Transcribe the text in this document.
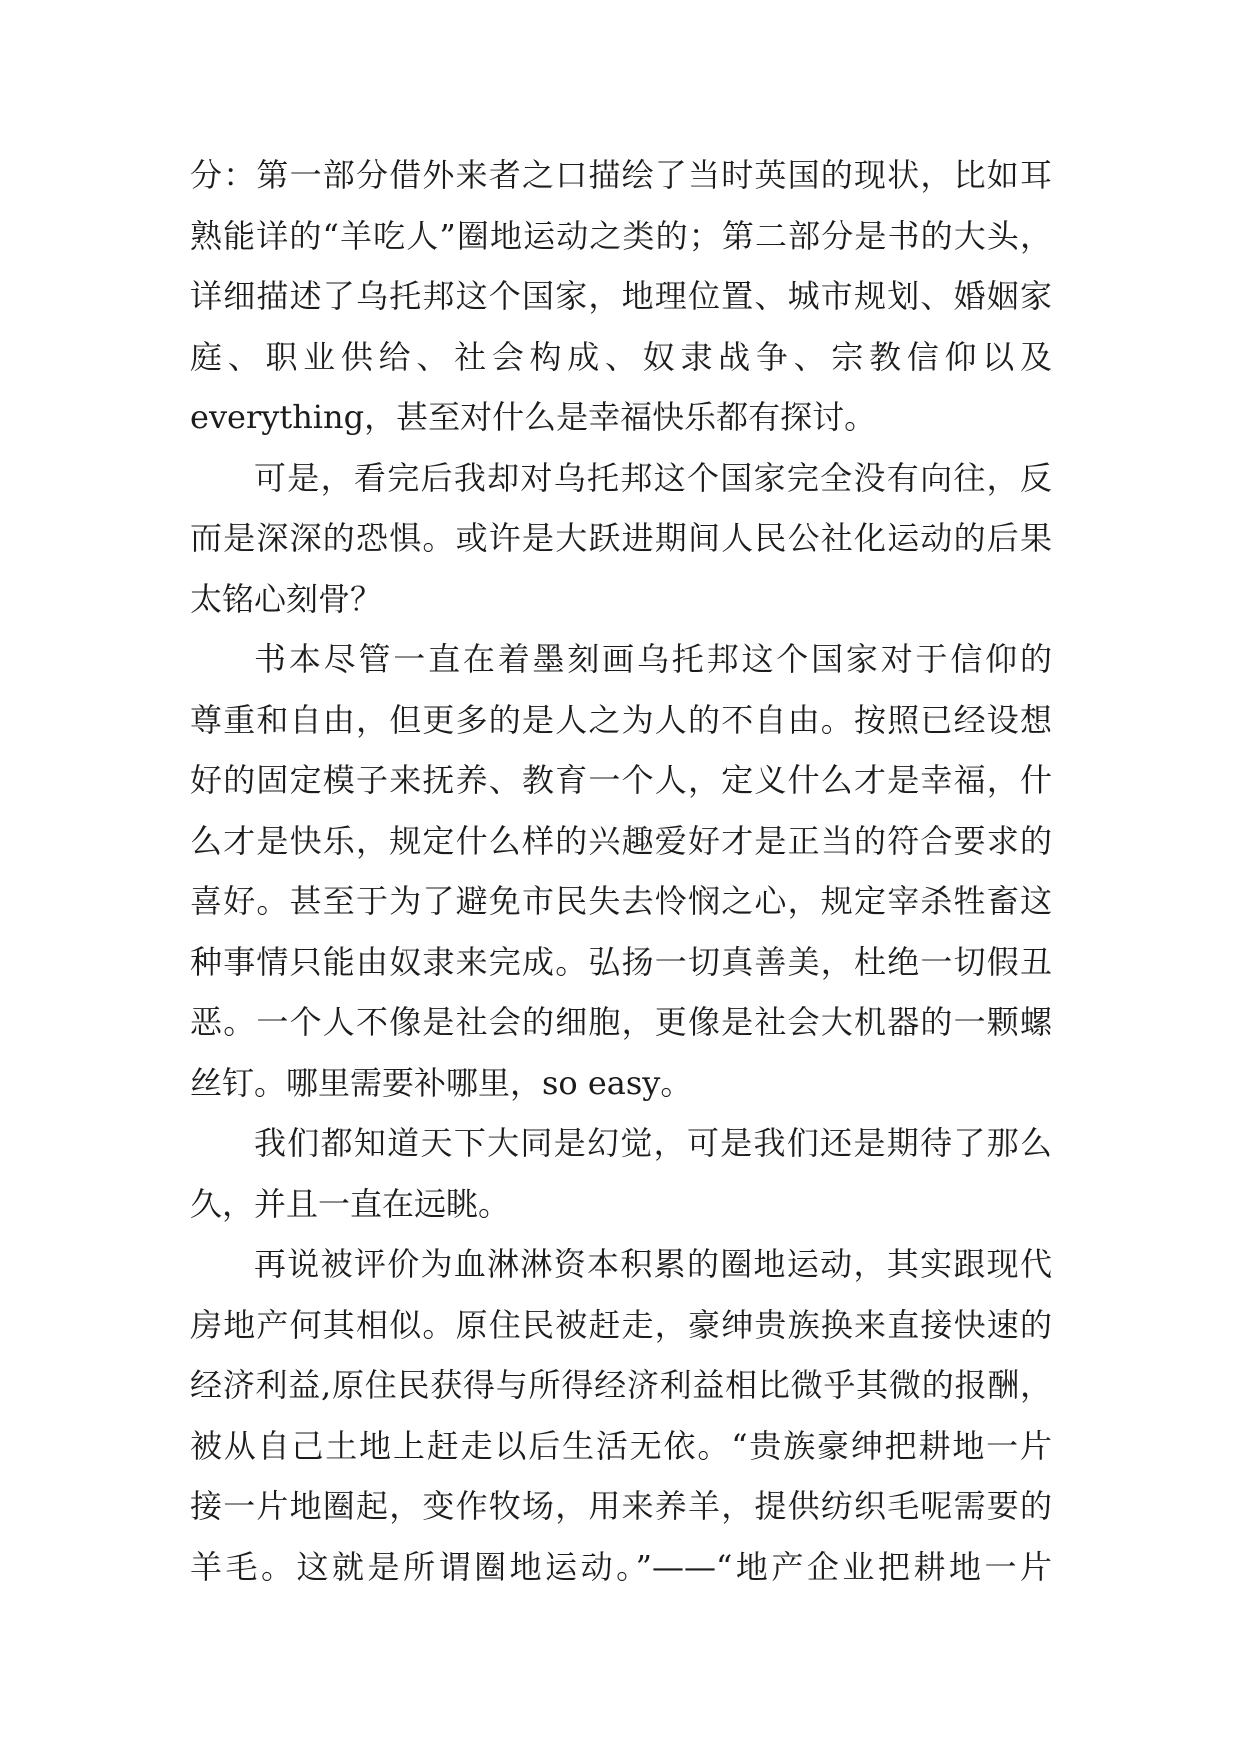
分：第一部分借外来者之口描绘了当时英国的现状，比如耳
熟能详的“羊吃人”圈地运动之类的；第二部分是书的大头，
详细描述了乌托邦这个国家，地理位置、城市规划、婚姻家
庭、职业供给、社会构成、奴隶战争、宗教信仰以及
everything，甚至对什么是幸福快乐都有探讨。
可是，看完后我却对乌托邦这个国家完全没有向往，反
而是深深的恐惧。或许是大跃进期间人民公社化运动的后果
太铭心刻骨？
书本尽管一直在着墨刻画乌托邦这个国家对于信仰的
尊重和自由，但更多的是人之为人的不自由。按照已经设想
好的固定模子来抚养、教育一个人，定义什么才是幸福，什
么才是快乐，规定什么样的兴趣爱好才是正当的符合要求的
喜好。甚至于为了避免市民失去怜悯之心，规定宰杀牲畜这
种事情只能由奴隶来完成。弘扬一切真善美，杜绝一切假丑
恶。一个人不像是社会的细胞，更像是社会大机器的一颗螺
丝钉。哪里需要补哪里，so easy。
我们都知道天下大同是幻觉，可是我们还是期待了那么
久，并且一直在远眺。
再说被评价为血淋淋资本积累的圈地运动，其实跟现代
房地产何其相似。原住民被赶走，豪绅贵族换来直接快速的
经济利益,原住民获得与所得经济利益相比微乎其微的报酬，
被从自己土地上赶走以后生活无依。“贵族豪绅把耕地一片
接一片地圈起，变作牧场，用来养羊，提供纺织毛呢需要的
羊毛。这就是所谓圈地运动。”——“地产企业把耕地一片
